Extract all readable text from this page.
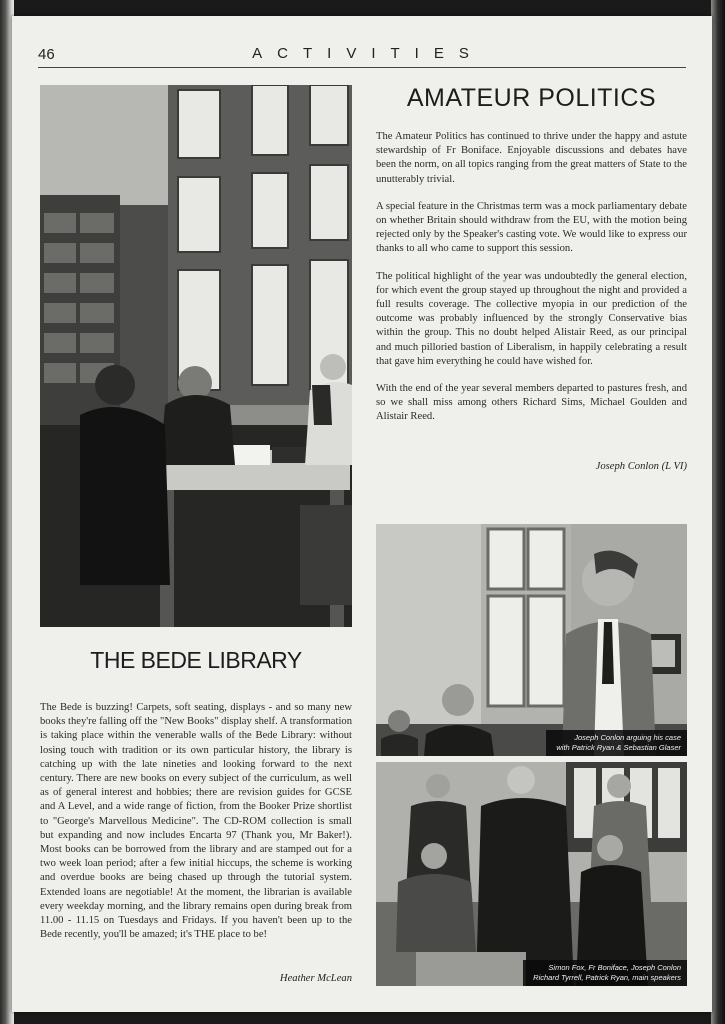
46	ACTIVITIES
AMATEUR POLITICS

The Amateur Politics has continued to thrive under the happy and astute stewardship of Fr Boniface. Enjoyable discussions and debates have been the norm, on all topics ranging from the great matters of State to the unutterably trivial.

A special feature in the Christmas term was a mock parliamentary debate on whether Britain should withdraw from the EU, with the motion being rejected only by the Speaker's casting vote. We would like to express our thanks to all who came to support this session.

The political highlight of the year was undoubtedly the general election, for which event the group stayed up throughout the night and provided a full results coverage. The collective myopia in our prediction of the outcome was probably influenced by the strongly Conservative bias within the group. This no doubt helped Alistair Reed, as our principal and much pilloried bastion of Liberalism, in happily celebrating a result that gave him everything he could have wished for.

With the end of the year several members departed to pastures fresh, and so we shall miss among others Richard Sims, Michael Goulden and Alistair Reed.

Joseph Conlon (L VI)
Joseph Conlon arguing his case
with Patrick Ryan & Sebastian Glaser
Simon Fox, Fr Boniface, Joseph Conlon
Richard Tyrrell, Patrick Ryan, main speakers
THE BEDE LIBRARY

The Bede is buzzing! Carpets, soft seating, displays - and so many new books they're falling off the "New Books" display shelf. A transformation is taking place within the venerable walls of the Bede Library: without losing touch with tradition or its own particular history, the library is catching up with the late nineties and looking forward to the next century. There are new books on every subject of the curriculum, as well as of general interest and hobbies; there are revision guides for GCSE and A Level, and a wide range of fiction, from the Booker Prize shortlist to "George's Marvellous Medicine". The CD-ROM collection is small but expanding and now includes Encarta 97 (Thank you, Mr Baker!). Most books can be borrowed from the library and are stamped out for a two week loan period; after a few initial hiccups, the scheme is working and overdue books are being chased up through the tutorial system. Extended loans are negotiable! At the moment, the librarian is available every weekday morning, and the library remains open during break from 11.00 - 11.15 on Tuesdays and Fridays. If you haven't been up to the Bede recently, you'll be amazed; it's THE place to be!

Heather McLean
